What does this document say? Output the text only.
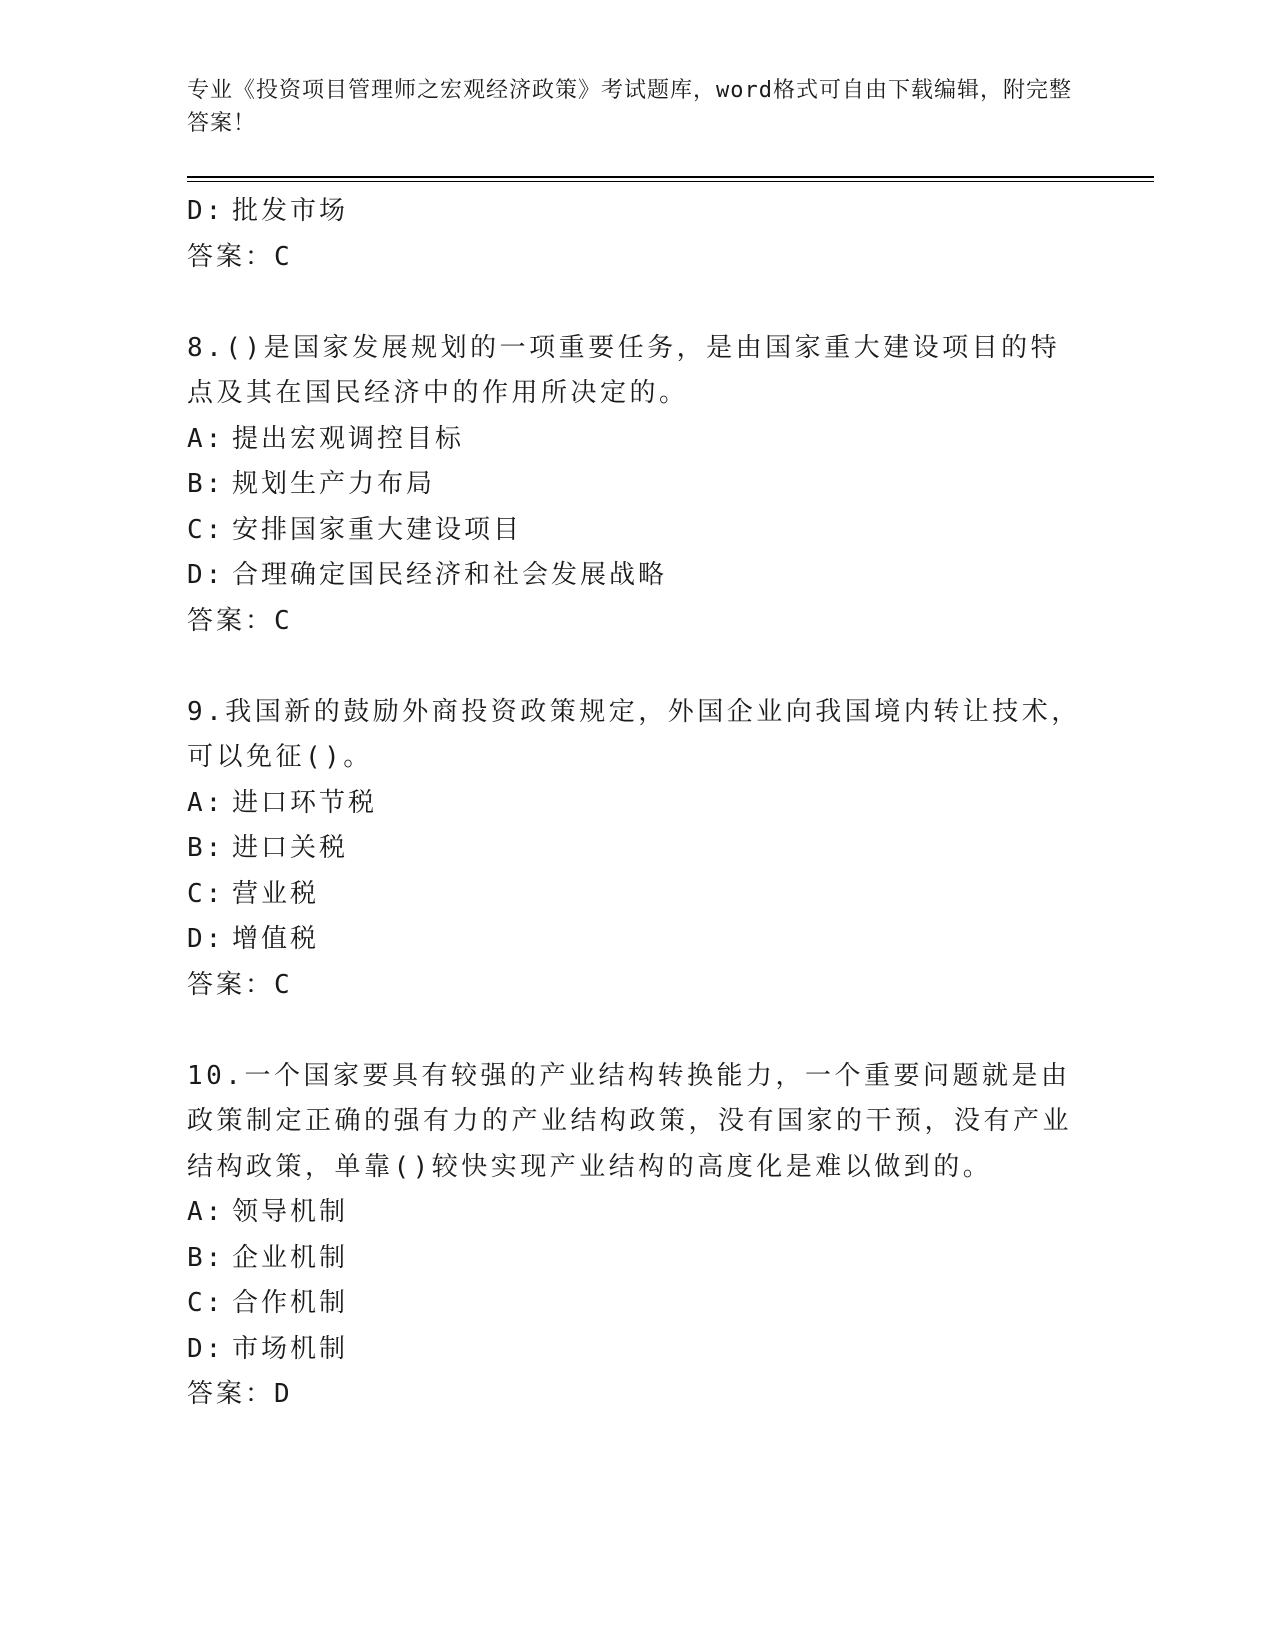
专业《投资项目管理师之宏观经济政策》考试题库，word格式可自由下载编辑，附完整答案！
D: 批发市场
答案：C
8.()是国家发展规划的一项重要任务，是由国家重大建设项目的特点及其在国民经济中的作用所决定的。
A: 提出宏观调控目标
B: 规划生产力布局
C: 安排国家重大建设项目
D: 合理确定国民经济和社会发展战略
答案：C
9.我国新的鼓励外商投资政策规定，外国企业向我国境内转让技术，可以免征()。
A: 进口环节税
B: 进口关税
C: 营业税
D: 增值税
答案：C
10.一个国家要具有较强的产业结构转换能力，一个重要问题就是由政策制定正确的强有力的产业结构政策，没有国家的干预，没有产业结构政策，单靠()较快实现产业结构的高度化是难以做到的。
A: 领导机制
B: 企业机制
C: 合作机制
D: 市场机制
答案：D
